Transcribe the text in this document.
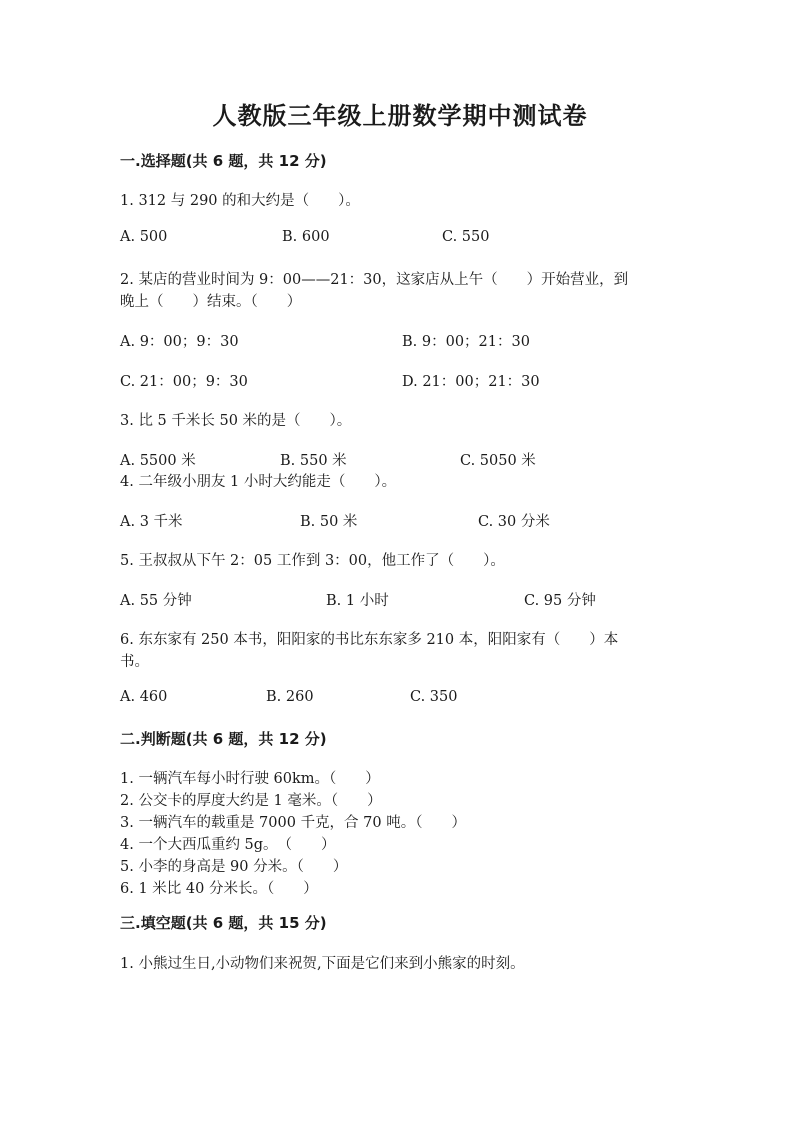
人教版三年级上册数学期中测试卷
一.选择题(共 6 题，共 12 分)
1. 312 与 290 的和大约是（　　）。
A. 500	B. 600	C. 550
2. 某店的营业时间为 9：00——21：30，这家店从上午（　　）开始营业，到
晚上（　　）结束。（　　）
A. 9：00；9：30	B. 9：00；21：30
C. 21：00；9：30	D. 21：00；21：30
3. 比 5 千米长 50 米的是（　　）。
A. 5500 米	B. 550 米	C. 5050 米
4. 二年级小朋友 1 小时大约能走（　　）。
A. 3 千米	B. 50 米	C. 30 分米
5. 王叔叔从下午 2：05 工作到 3：00，他工作了（　　）。
A. 55 分钟	B. 1 小时	C. 95 分钟
6. 东东家有 250 本书，阳阳家的书比东东家多 210 本，阳阳家有（　　）本
书。
A. 460	B. 260	C. 350
二.判断题(共 6 题，共 12 分)
1. 一辆汽车每小时行驶 60km。（　　）
2. 公交卡的厚度大约是 1 毫米。（　　）
3. 一辆汽车的载重是 7000 千克，合 70 吨。（　　）
4. 一个大西瓜重约 5g。　（　　）
5. 小李的身高是 90 分米。（　　）
6. 1 米比 40 分米长。（　　）
三.填空题(共 6 题，共 15 分)
1. 小熊过生日,小动物们来祝贺,下面是它们来到小熊家的时刻。
